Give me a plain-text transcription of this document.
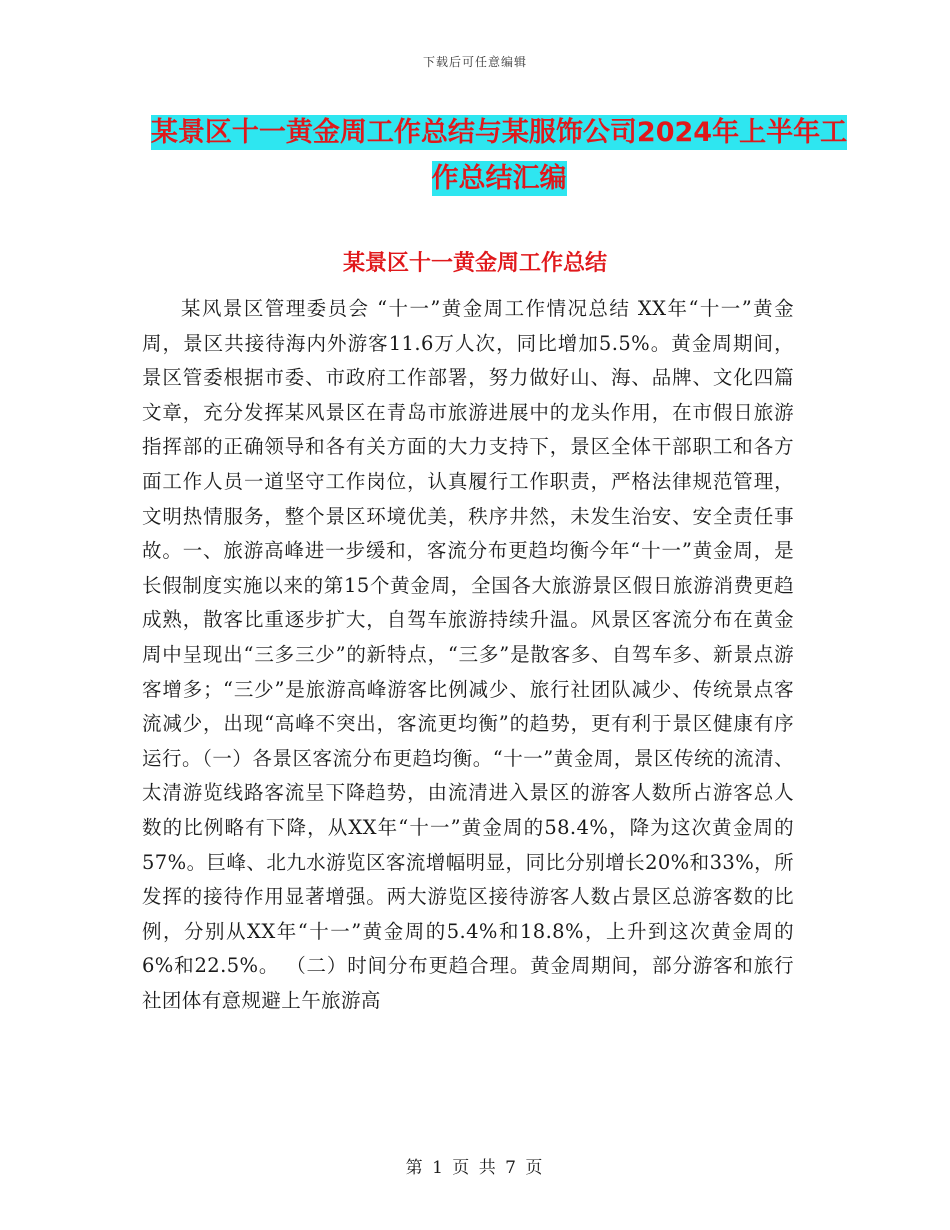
下载后可任意编辑
某景区十一黄金周工作总结与某服饰公司2024年上半年工作总结汇编
某景区十一黄金周工作总结

某风景区管理委员会 “十一”黄金周工作情况总结 XX年“十一”黄金周，景区共接待海内外游客11.6万人次，同比增加5.5%。黄金周期间，景区管委根据市委、市政府工作部署，努力做好山、海、品牌、文化四篇文章，充分发挥某风景区在青岛市旅游进展中的龙头作用，在市假日旅游指挥部的正确领导和各有关方面的大力支持下，景区全体干部职工和各方面工作人员一道坚守工作岗位，认真履行工作职责，严格法律规范管理，文明热情服务，整个景区环境优美，秩序井然，未发生治安、安全责任事故。一、旅游高峰进一步缓和，客流分布更趋均衡今年“十一”黄金周，是长假制度实施以来的第15个黄金周，全国各大旅游景区假日旅游消费更趋成熟，散客比重逐步扩大，自驾车旅游持续升温。风景区客流分布在黄金周中呈现出“三多三少”的新特点，“三多”是散客多、自驾车多、新景点游客增多；“三少”是旅游高峰游客比例减少、旅行社团队减少、传统景点客流减少，出现“高峰不突出，客流更均衡”的趋势，更有利于景区健康有序运行。（一）各景区客流分布更趋均衡。“十一”黄金周，景区传统的流清、太清游览线路客流呈下降趋势，由流清进入景区的游客人数所占游客总人数的比例略有下降，从XX年“十一”黄金周的58.4%，降为这次黄金周的57%。巨峰、北九水游览区客流增幅明显，同比分别增长20%和33%，所发挥的接待作用显著增强。两大游览区接待游客人数占景区总游客数的比例，分别从XX年“十一”黄金周的5.4%和18.8%，上升到这次黄金周的6%和22.5%。 （二）时间分布更趋合理。黄金周期间，部分游客和旅行社团体有意规避上午旅游高

第 1 页 共 7 页
